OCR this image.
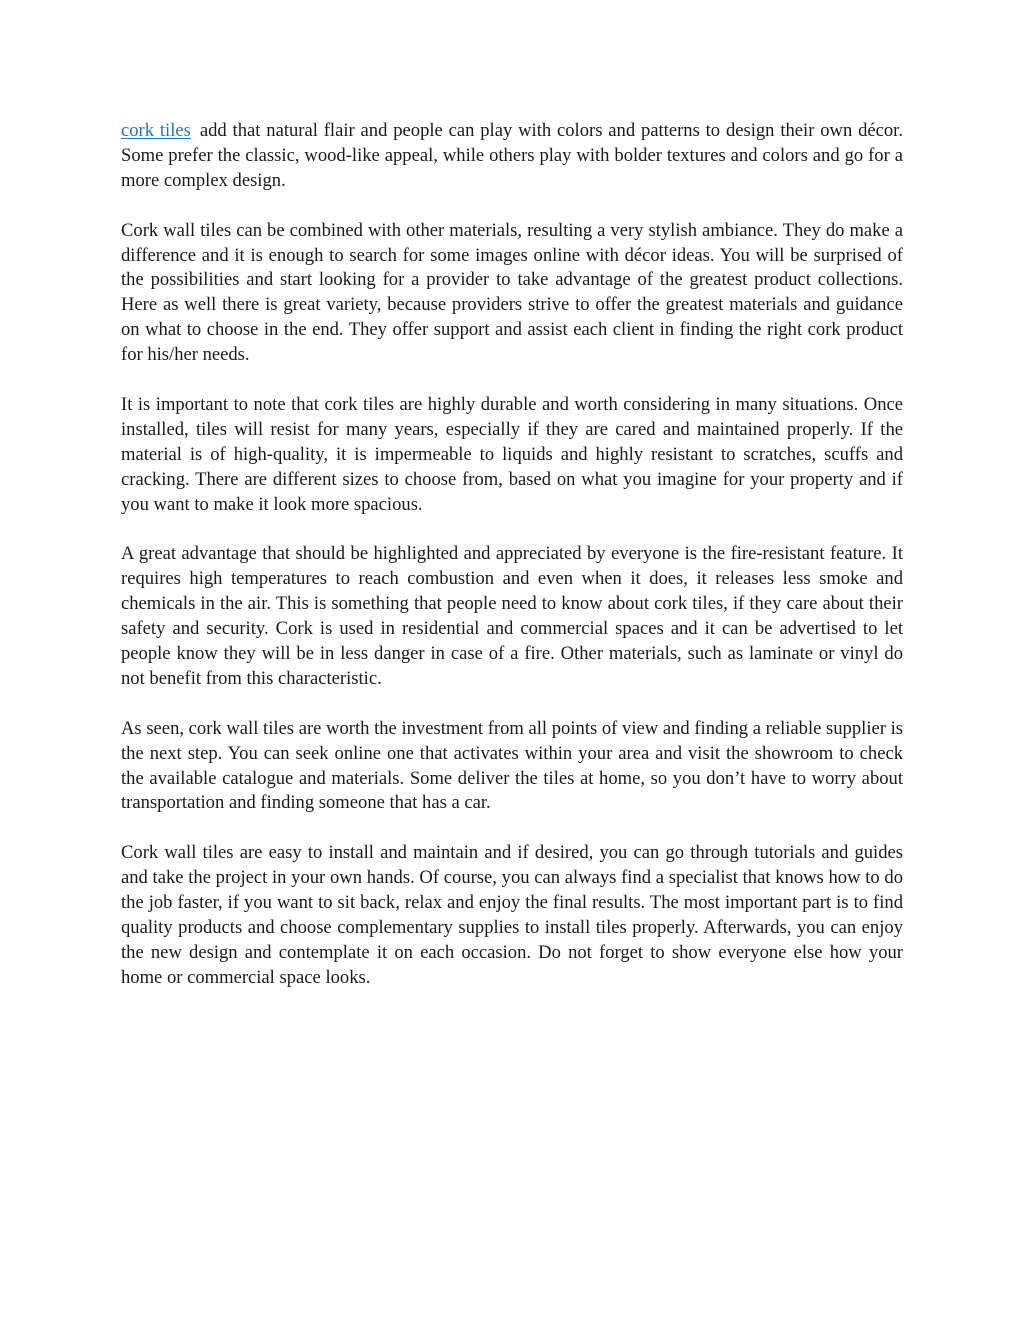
cork tiles add that natural flair and people can play with colors and patterns to design their own décor. Some prefer the classic, wood-like appeal, while others play with bolder textures and colors and go for a more complex design.

Cork wall tiles can be combined with other materials, resulting a very stylish ambiance. They do make a difference and it is enough to search for some images online with décor ideas. You will be surprised of the possibilities and start looking for a provider to take advantage of the greatest product collections. Here as well there is great variety, because providers strive to offer the greatest materials and guidance on what to choose in the end. They offer support and assist each client in finding the right cork product for his/her needs.

It is important to note that cork tiles are highly durable and worth considering in many situations. Once installed, tiles will resist for many years, especially if they are cared and maintained properly. If the material is of high-quality, it is impermeable to liquids and highly resistant to scratches, scuffs and cracking. There are different sizes to choose from, based on what you imagine for your property and if you want to make it look more spacious.

A great advantage that should be highlighted and appreciated by everyone is the fire-resistant feature. It requires high temperatures to reach combustion and even when it does, it releases less smoke and chemicals in the air. This is something that people need to know about cork tiles, if they care about their safety and security. Cork is used in residential and commercial spaces and it can be advertised to let people know they will be in less danger in case of a fire. Other materials, such as laminate or vinyl do not benefit from this characteristic.

As seen, cork wall tiles are worth the investment from all points of view and finding a reliable supplier is the next step. You can seek online one that activates within your area and visit the showroom to check the available catalogue and materials. Some deliver the tiles at home, so you don’t have to worry about transportation and finding someone that has a car.

Cork wall tiles are easy to install and maintain and if desired, you can go through tutorials and guides and take the project in your own hands. Of course, you can always find a specialist that knows how to do the job faster, if you want to sit back, relax and enjoy the final results. The most important part is to find quality products and choose complementary supplies to install tiles properly. Afterwards, you can enjoy the new design and contemplate it on each occasion. Do not forget to show everyone else how your home or commercial space looks.
